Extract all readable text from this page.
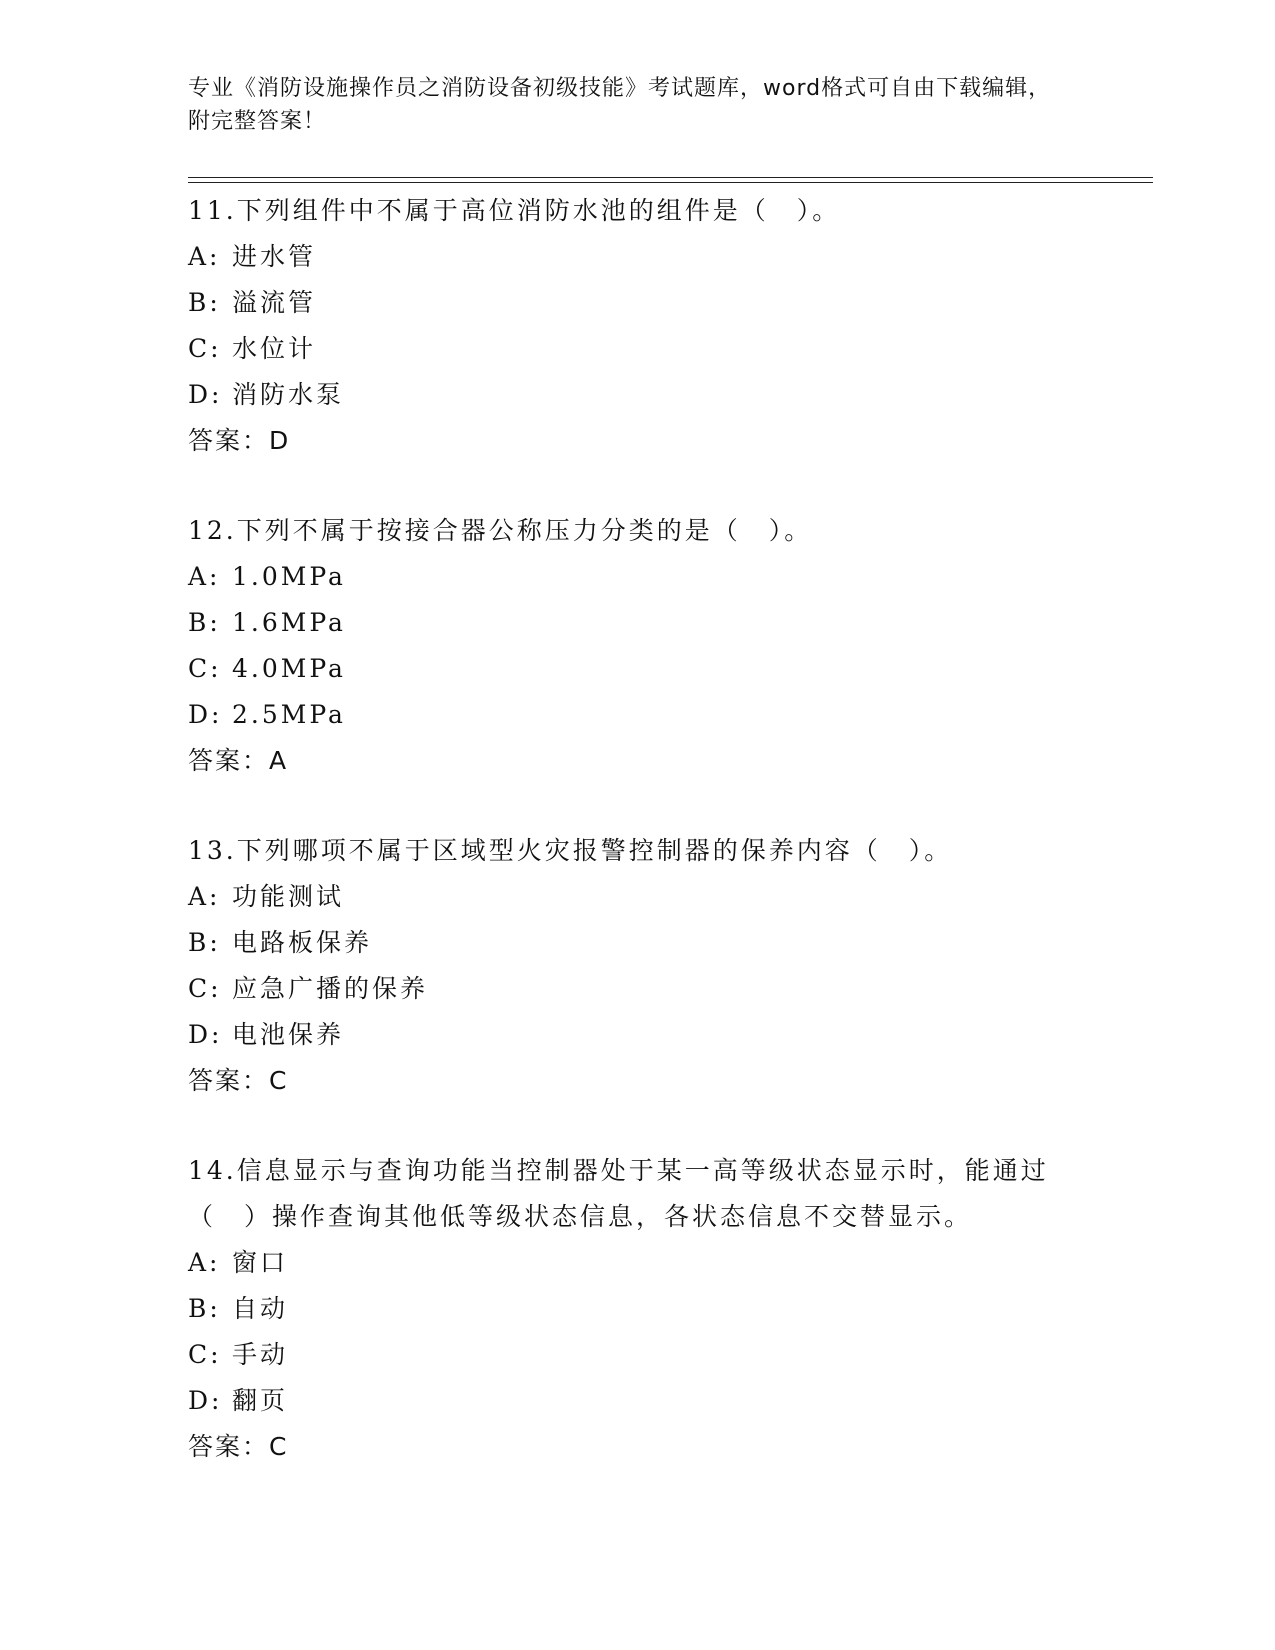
专业《消防设施操作员之消防设备初级技能》考试题库，word格式可自由下载编辑，附完整答案！
11.下列组件中不属于高位消防水池的组件是（　）。
A: 进水管
B: 溢流管
C: 水位计
D: 消防水泵
答案：D
12.下列不属于按接合器公称压力分类的是（　）。
A: 1.0MPa
B: 1.6MPa
C: 4.0MPa
D: 2.5MPa
答案：A
13.下列哪项不属于区域型火灾报警控制器的保养内容（　）。
A: 功能测试
B: 电路板保养
C: 应急广播的保养
D: 电池保养
答案：C
14.信息显示与查询功能当控制器处于某一高等级状态显示时，能通过（　）操作查询其他低等级状态信息，各状态信息不交替显示。
A: 窗口
B: 自动
C: 手动
D: 翻页
答案：C
